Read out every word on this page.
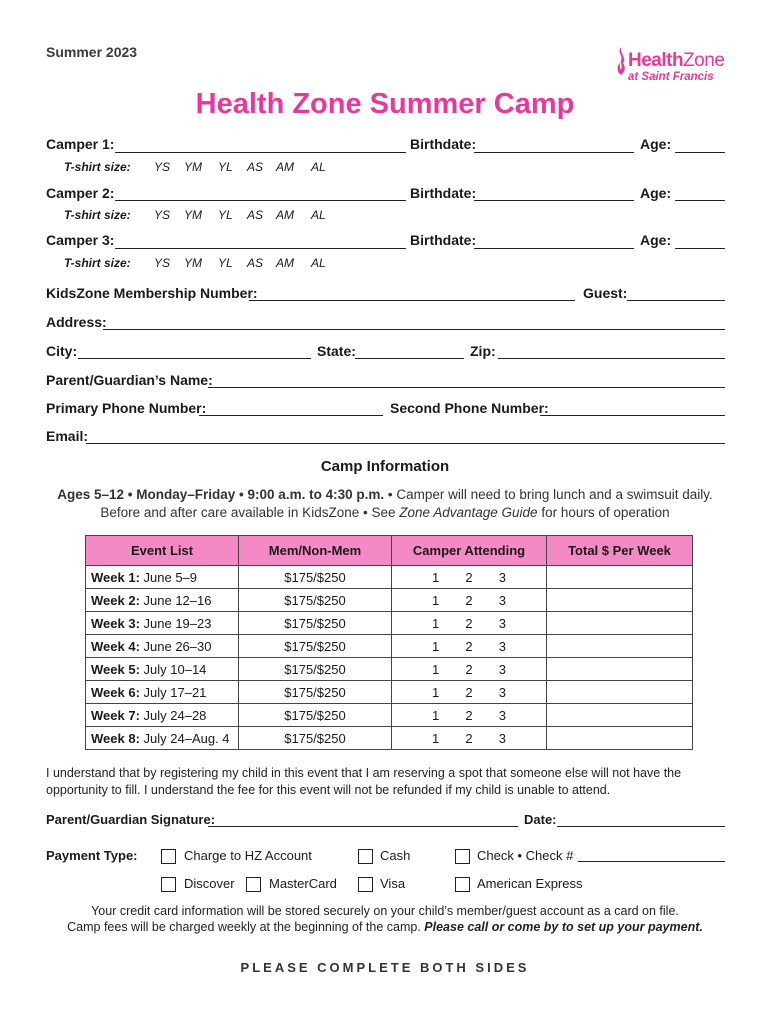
Summer 2023	HealthZone
at Saint Francis
Health Zone Summer Camp
Camper 1:	Birthdate:	Age:
T-shirt size: YS YM YL AS AM AL
Camper 2:	Birthdate:	Age:
T-shirt size: YS YM YL AS AM AL
Camper 3:	Birthdate:	Age:
T-shirt size: YS YM YL AS AM AL
KidsZone Membership Number:	Guest:
Address:
City:	State:	Zip:
Parent/Guardian’s Name:
Primary Phone Number:	Second Phone Number:
Email:
Camp Information
Ages 5–12 • Monday–Friday • 9:00 a.m. to 4:30 p.m. • Camper will need to bring lunch and a swimsuit daily.
Before and after care available in KidsZone • See Zone Advantage Guide for hours of operation
Event List	Mem/Non-Mem	Camper Attending	Total $ Per Week
Week 1: June 5–9	$175/$250	1 2 3	

Week 2: June 12–16	$175/$250	1 2 3	

Week 3: June 19–23	$175/$250	1 2 3	

Week 4: June 26–30	$175/$250	1 2 3	

Week 5: July 10–14	$175/$250	1 2 3	

Week 6: July 17–21	$175/$250	1 2 3	

Week 7: July 24–28	$175/$250	1 2 3	

Week 8: July 24–Aug. 4	$175/$250	1 2 3	

I understand that by registering my child in this event that I am reserving a spot that someone else will not have the opportunity to fill. I understand the fee for this event will not be refunded if my child is unable to attend.
Parent/Guardian Signature:	Date:
Payment Type:	Charge to HZ Account	Cash	Check • Check #
Discover	MasterCard	Visa	American Express
Your credit card information will be stored securely on your child’s member/guest account as a card on file.
Camp fees will be charged weekly at the beginning of the camp. Please call or come by to set up your payment.
PLEASE COMPLETE BOTH SIDES
